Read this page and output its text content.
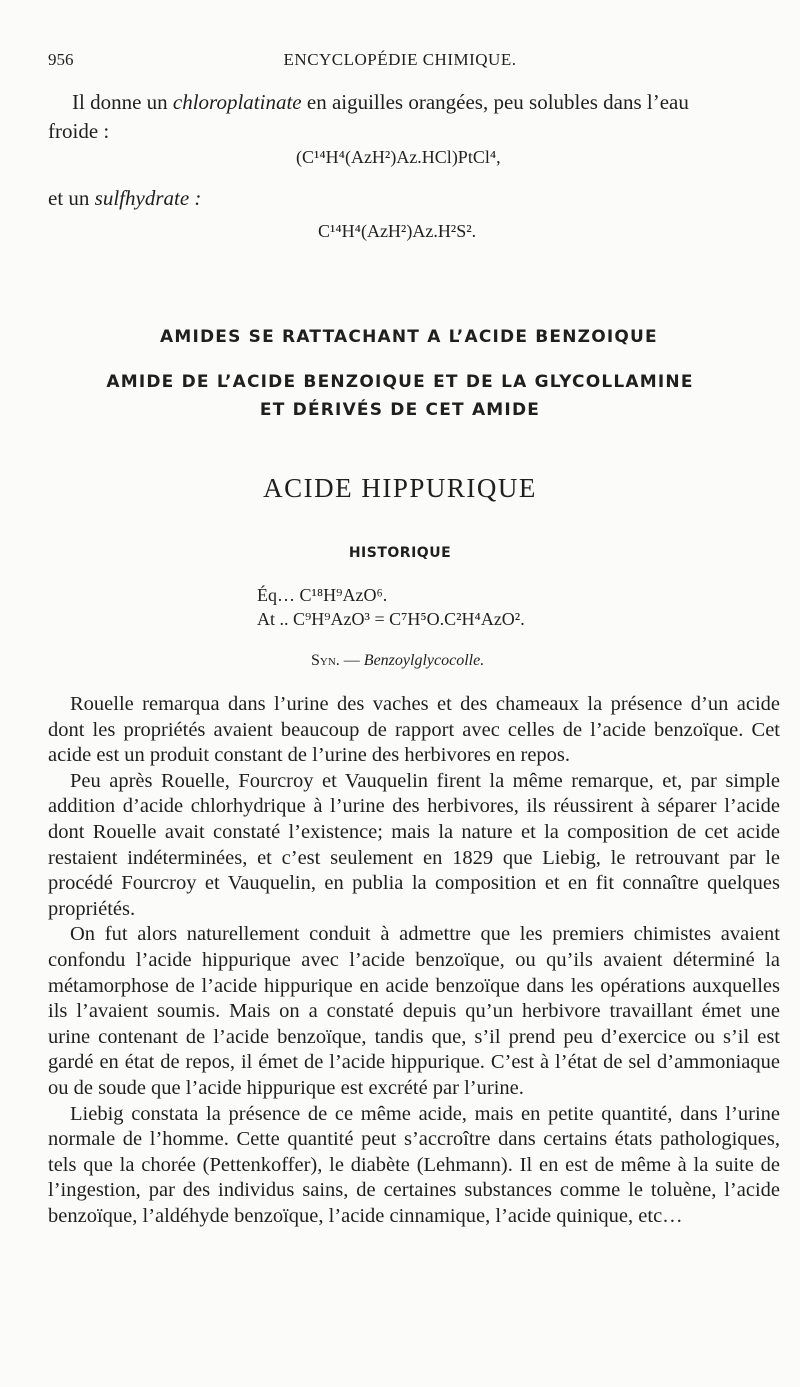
956	ENCYCLOPÉDIE CHIMIQUE.
Il donne un chloroplatinate en aiguilles orangées, peu solubles dans l’eau
froide :
(C¹⁴H⁴(AzH²)Az.HCl)PtCl⁴,
et un sulfhydrate :
C¹⁴H⁴(AzH²)Az.H²S².
AMIDES SE RATTACHANT A L’ACIDE BENZOIQUE
AMIDE DE L’ACIDE BENZOIQUE ET DE LA GLYCOLLAMINE
ET DÉRIVÉS DE CET AMIDE
ACIDE HIPPURIQUE
HISTORIQUE
Éq… C¹⁸H⁹AzO⁶.
At .. C⁹H⁹AzO³ = C⁷H⁵O.C²H⁴AzO².
Syn. — Benzoylglycocolle.

Rouelle remarqua dans l’urine des vaches et des chameaux la présence d’un acide dont les propriétés avaient beaucoup de rapport avec celles de l’acide benzoïque. Cet acide est un produit constant de l’urine des herbivores en repos.

Peu après Rouelle, Fourcroy et Vauquelin firent la même remarque, et, par simple addition d’acide chlorhydrique à l’urine des herbivores, ils réussirent à séparer l’acide dont Rouelle avait constaté l’existence; mais la nature et la composition de cet acide restaient indéterminées, et c’est seulement en 1829 que Liebig, le retrouvant par le procédé Fourcroy et Vauquelin, en publia la composition et en fit connaître quelques propriétés.

On fut alors naturellement conduit à admettre que les premiers chimistes avaient confondu l’acide hippurique avec l’acide benzoïque, ou qu’ils avaient déterminé la métamorphose de l’acide hippurique en acide benzoïque dans les opérations auxquelles ils l’avaient soumis. Mais on a constaté depuis qu’un herbivore travaillant émet une urine contenant de l’acide benzoïque, tandis que, s’il prend peu d’exercice ou s’il est gardé en état de repos, il émet de l’acide hippurique. C’est à l’état de sel d’ammoniaque ou de soude que l’acide hippurique est excrété par l’urine.

Liebig constata la présence de ce même acide, mais en petite quantité, dans l’urine normale de l’homme. Cette quantité peut s’accroître dans certains états pathologiques, tels que la chorée (Pettenkoffer), le diabète (Lehmann). Il en est de même à la suite de l’ingestion, par des individus sains, de certaines substances comme le toluène, l’acide benzoïque, l’aldéhyde benzoïque, l’acide cinnamique, l’acide quinique, etc…
